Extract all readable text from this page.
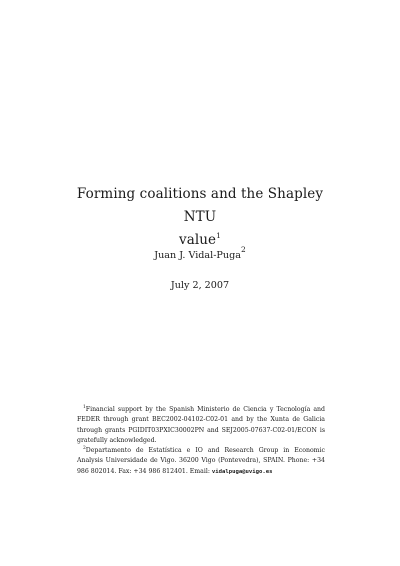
Forming coalitions and the Shapley NTU
value$^1$
Juan J. Vidal-Puga$^2$
July 2, 2007

$^1$Financial support by the Spanish Ministerio de Ciencia y Tecnología and FEDER through grant BEC2002-04102-C02-01 and by the Xunta de Galicia through grants PGIDIT03PXIC30002PN and SEJ2005-07637-C02-01/ECON is gratefully acknowledged.

$^2$Departamento de Estatística e IO and Research Group in Economic Analysis Universidade de Vigo. 36200 Vigo (Pontevedra), SPAIN. Phone: +34 986 802014. Fax: +34 986 812401. Email: vidalpuga@uvigo.es
